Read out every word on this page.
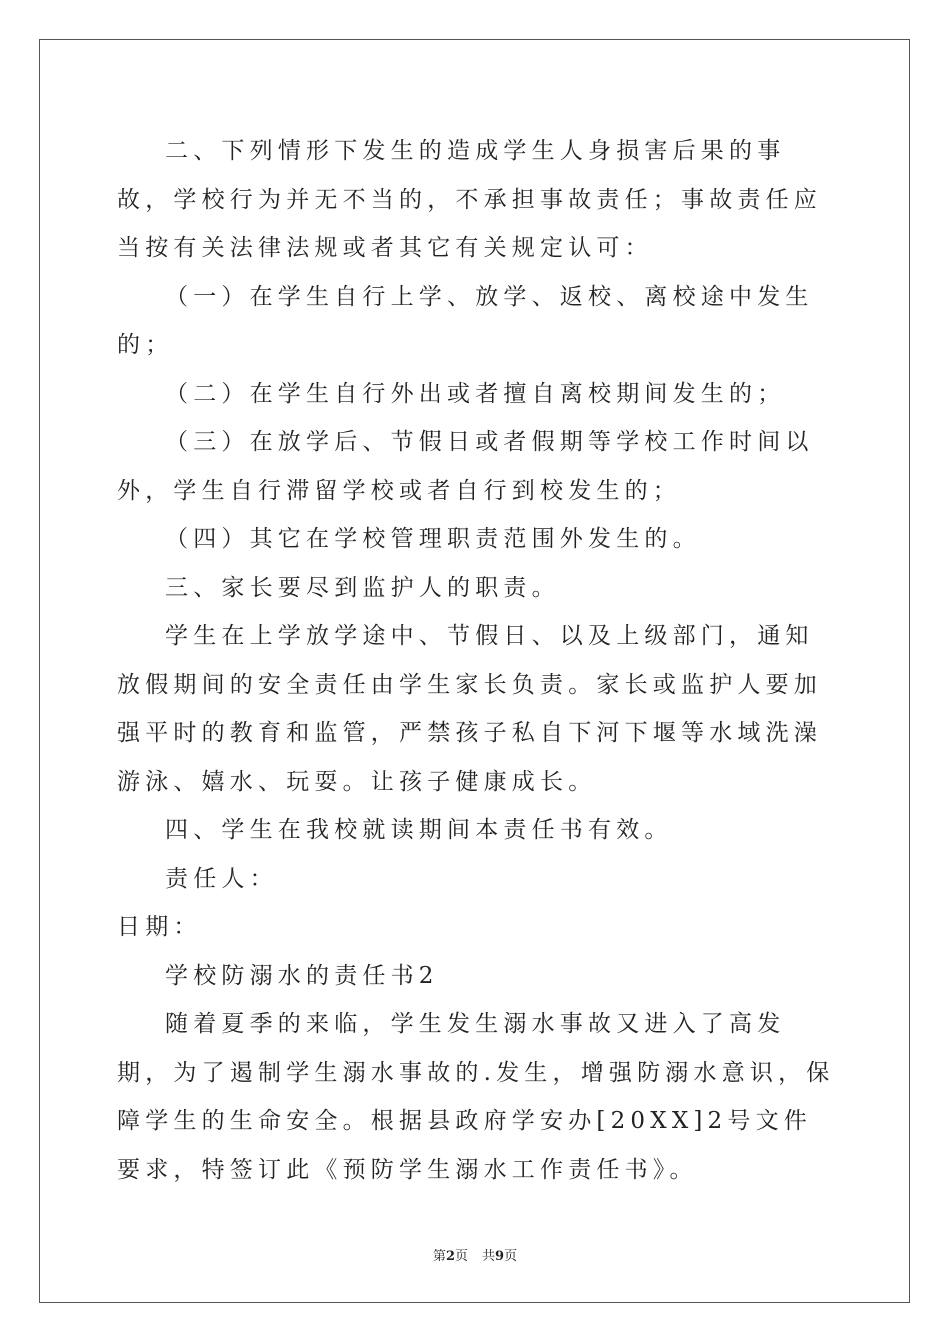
二、下列情形下发生的造成学生人身损害后果的事故，学校行为并无不当的，不承担事故责任；事故责任应当按有关法律法规或者其它有关规定认可：

（一）在学生自行上学、放学、返校、离校途中发生的；

（二）在学生自行外出或者擅自离校期间发生的；

（三）在放学后、节假日或者假期等学校工作时间以外，学生自行滞留学校或者自行到校发生的；

（四）其它在学校管理职责范围外发生的。

三、家长要尽到监护人的职责。

学生在上学放学途中、节假日、以及上级部门，通知放假期间的安全责任由学生家长负责。家长或监护人要加强平时的教育和监管，严禁孩子私自下河下堰等水域洗澡游泳、嬉水、玩耍。让孩子健康成长。

四、学生在我校就读期间本责任书有效。

责任人：

日期：

学校防溺水的责任书2

随着夏季的来临，学生发生溺水事故又进入了高发期，为了遏制学生溺水事故的.发生，增强防溺水意识，保障学生的生命安全。根据县政府学安办[20XX]2号文件要求，特签订此《预防学生溺水工作责任书》。

第2页 共9页
